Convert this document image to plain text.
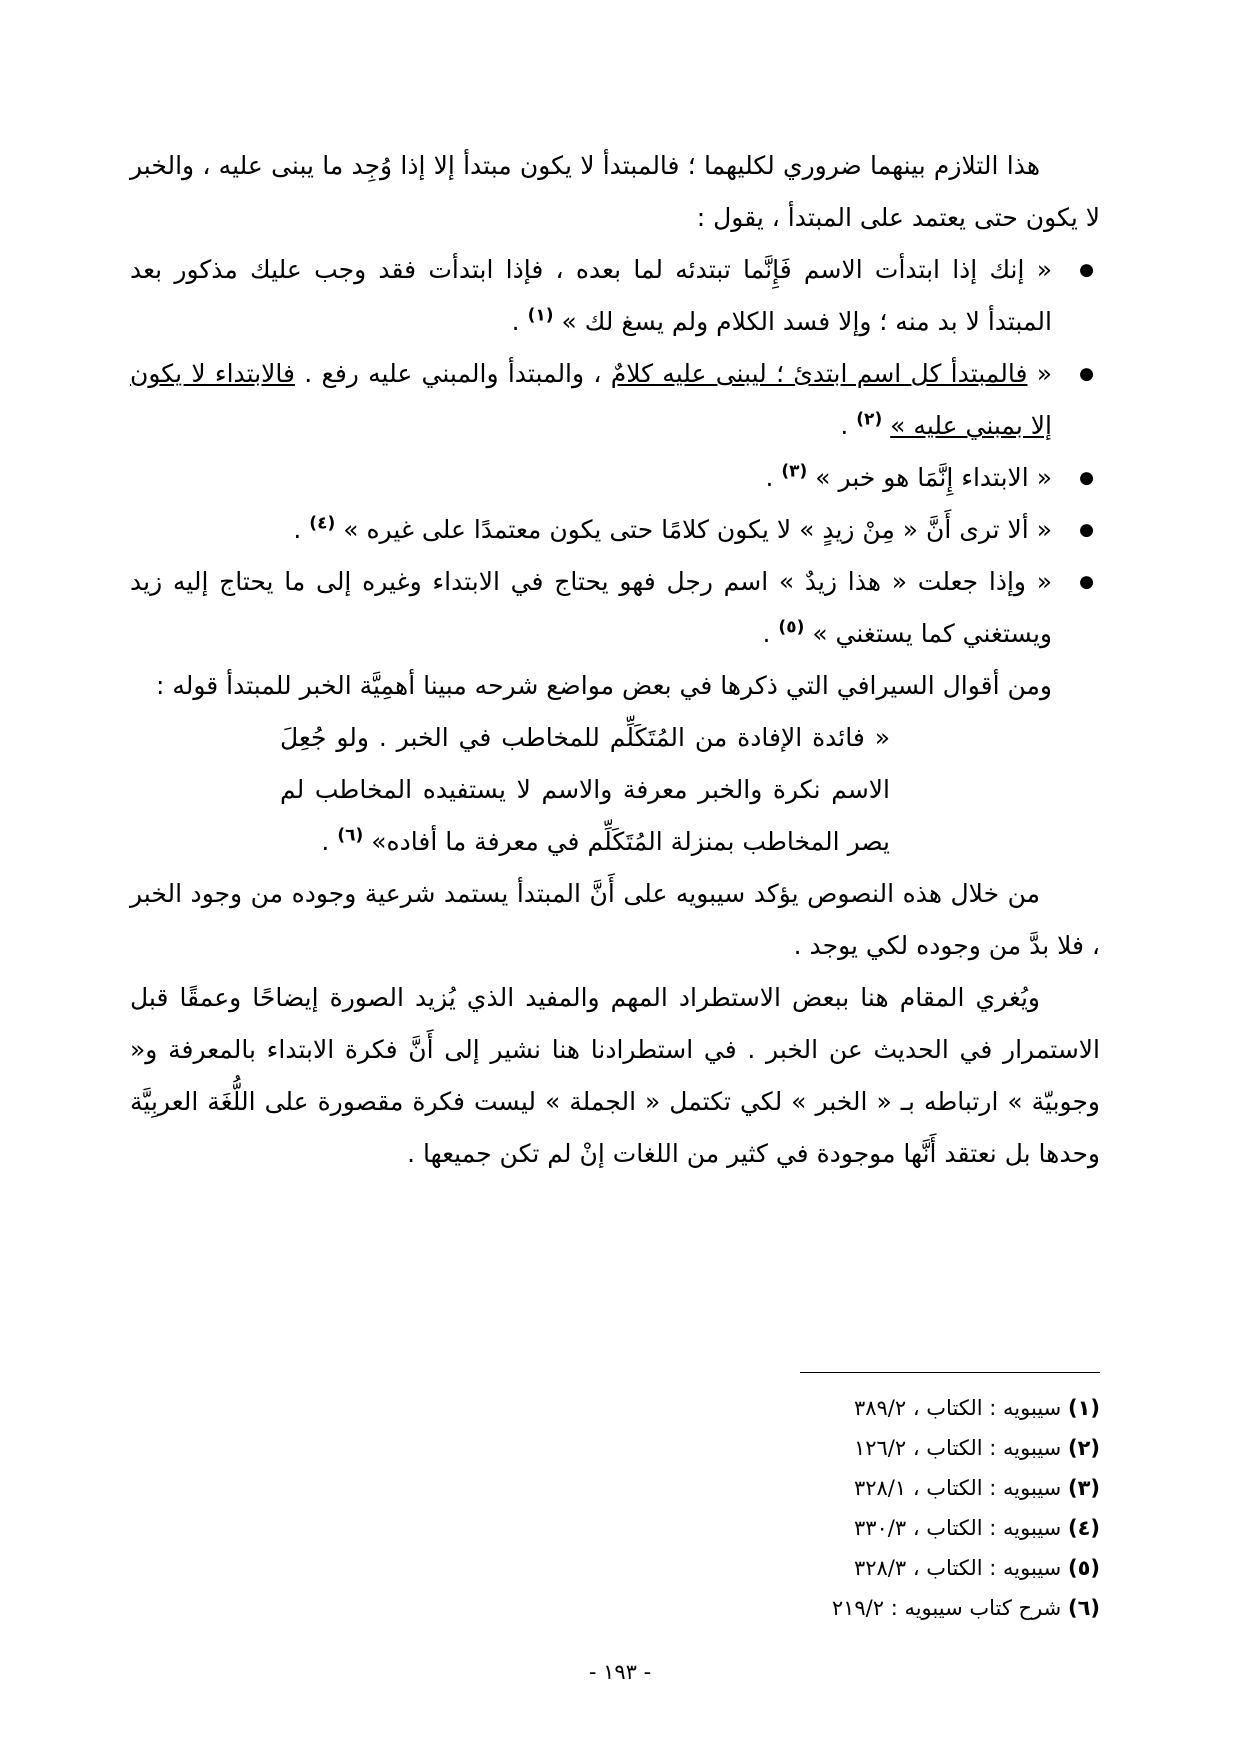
هذا التلازم بينهما ضروري لكليهما ؛ فالمبتدأ لا يكون مبتدأ إلا إذا وُجِد ما يبنى عليه ، والخبر لا يكون حتى يعتمد على المبتدأ ، يقول :

● « إنك إذا ابتدأت الاسم فَإِنَّما تبتدئه لما بعده ، فإذا ابتدأت فقد وجب عليك مذكور بعد المبتدأ لا بد منه ؛ وإلا فسد الكلام ولم يسغ لك » $^{(١)}$ .
● « فالمبتدأ كل اسم ابتدئ ؛ ليبنى عليه كلامٌ ، والمبتدأ والمبني عليه رفع . فالابتداء لا يكون إلا بمبني عليه » $^{(٢)}$ .
● « الابتداء إِنَّمَا هو خبر » $^{(٣)}$ .
● « ألا ترى أَنَّ « مِنْ زيدٍ » لا يكون كلامًا حتى يكون معتمدًا على غيره » $^{(٤)}$ .
● « وإذا جعلت « هذا زيدٌ » اسم رجل فهو يحتاج في الابتداء وغيره إلى ما يحتاج إليه زيد ويستغني كما يستغني » $^{(٥)}$ .

ومن أقوال السيرافي التي ذكرها في بعض مواضع شرحه مبينا أهمِيَّة الخبر للمبتدأ قوله :

« فائدة الإفادة من المُتَكَلِّم للمخاطب في الخبر . ولو جُعِلَ الاسم نكرة والخبر معرفة والاسم لا يستفيده المخاطب لم يصر المخاطب بمنزلة المُتَكَلِّم في معرفة ما أفاده» $^{(٦)}$ .

من خلال هذه النصوص يؤكد سيبويه على أَنَّ المبتدأ يستمد شرعية وجوده من وجود الخبر ، فلا بدَّ من وجوده لكي يوجد .

ويُغري المقام هنا ببعض الاستطراد المهم والمفيد الذي يُزيد الصورة إيضاحًا وعمقًا قبل الاستمرار في الحديث عن الخبر . في استطرادنا هنا نشير إلى أَنَّ فكرة الابتداء بالمعرفة و« وجوبيّة » ارتباطه بـ « الخبر » لكي تكتمل « الجملة » ليست فكرة مقصورة على اللُّغَة العربِيَّة وحدها بل نعتقد أَنَّها موجودة في كثير من اللغات إنْ لم تكن جميعها .

(١) سيبويه : الكتاب ، ٣٨٩/٢
(٢) سيبويه : الكتاب ، ١٢٦/٢
(٣) سيبويه : الكتاب ، ٣٢٨/١
(٤) سيبويه : الكتاب ، ٣٣٠/٣
(٥) سيبويه : الكتاب ، ٣٢٨/٣
(٦) شرح كتاب سيبويه : ٢١٩/٢
- ١٩٣ -
